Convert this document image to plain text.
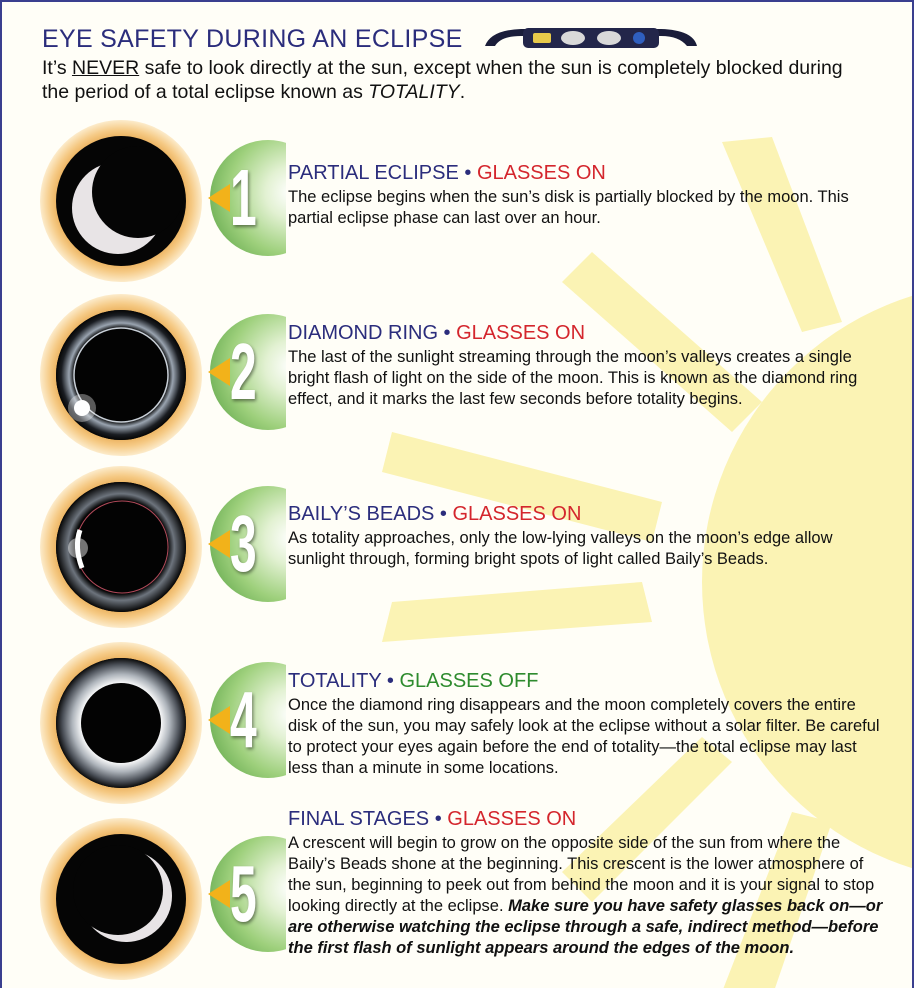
EYE SAFETY DURING AN ECLIPSE
It’s NEVER safe to look directly at the sun, except when the sun is completely blocked during the period of a total eclipse known as TOTALITY.
1	PARTIAL ECLIPSE • GLASSES ON
The eclipse begins when the sun’s disk is partially blocked by the moon. This partial eclipse phase can last over an hour.
2	DIAMOND RING • GLASSES ON
The last of the sunlight streaming through the moon’s valleys creates a single bright flash of light on the side of the moon. This is known as the diamond ring effect, and it marks the last few seconds before totality begins.
3	BAILY’S BEADS • GLASSES ON
As totality approaches, only the low-lying valleys on the moon’s edge allow sunlight through, forming bright spots of light called Baily’s Beads.
4	TOTALITY • GLASSES OFF
Once the diamond ring disappears and the moon completely covers the entire disk of the sun, you may safely look at the eclipse without a solar filter. Be careful to protect your eyes again before the end of totality—the total eclipse may last less than a minute in some locations.
5
FINAL STAGES • GLASSES ON
A crescent will begin to grow on the opposite side of the sun from where the Baily’s Beads shone at the beginning. This crescent is the lower atmosphere of the sun, beginning to peek out from behind the moon and it is your signal to stop looking directly at the eclipse. Make sure you have safety glasses back on—or are otherwise watching the eclipse through a safe, indirect method—before the first flash of sunlight appears around the edges of the moon.
